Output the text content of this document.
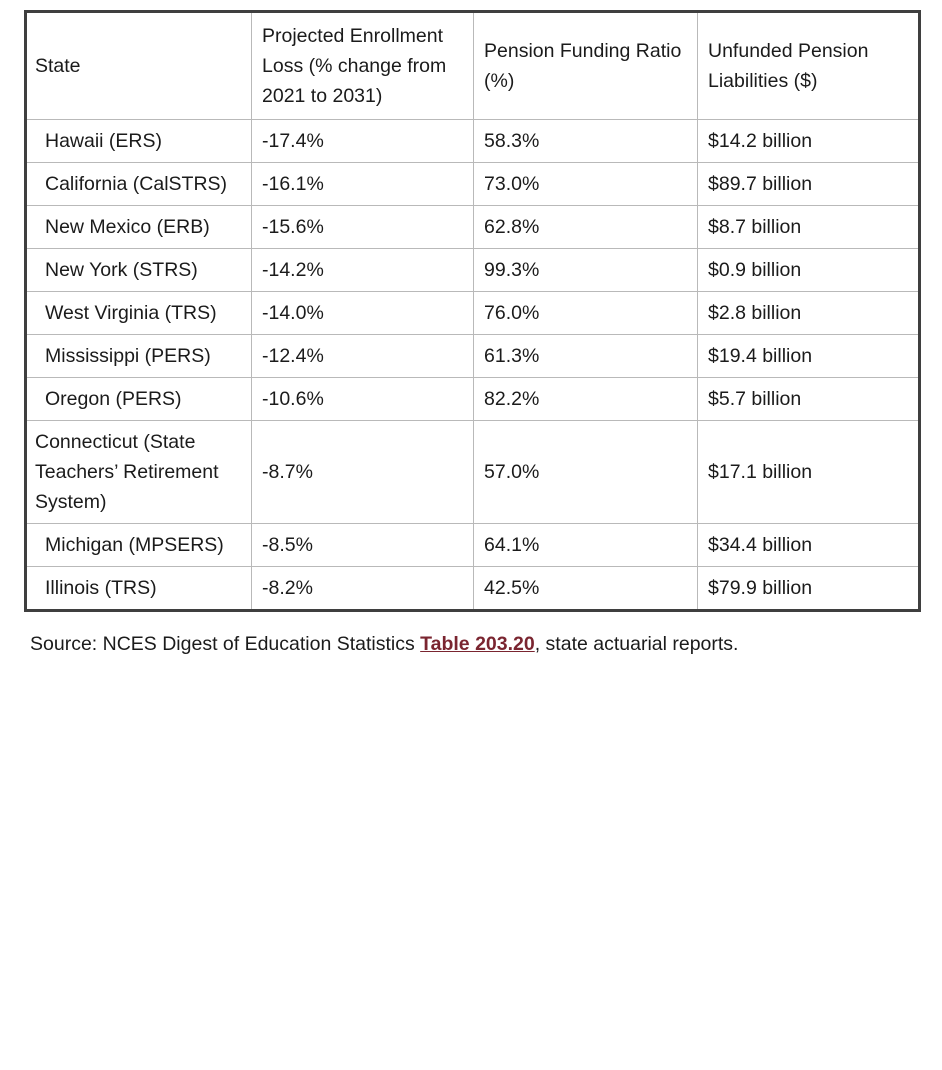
State	Projected Enrollment Loss (% change from 2021 to 2031)	Pension Funding Ratio (%)	Unfunded Pension Liabilities ($)
Hawaii (ERS)	-17.4%	58.3%	$14.2 billion
California (CalSTRS)	-16.1%	73.0%	$89.7 billion
New Mexico (ERB)	-15.6%	62.8%	$8.7 billion
New York (STRS)	-14.2%	99.3%	$0.9 billion
West Virginia (TRS)	-14.0%	76.0%	$2.8 billion
Mississippi (PERS)	-12.4%	61.3%	$19.4 billion
Oregon (PERS)	-10.6%	82.2%	$5.7 billion
Connecticut (State Teachers’ Retirement System)	-8.7%	57.0%	$17.1 billion
Michigan (MPSERS)	-8.5%	64.1%	$34.4 billion
Illinois (TRS)	-8.2%	42.5%	$79.9 billion

Source: NCES Digest of Education Statistics Table 203.20, state actuarial reports.
